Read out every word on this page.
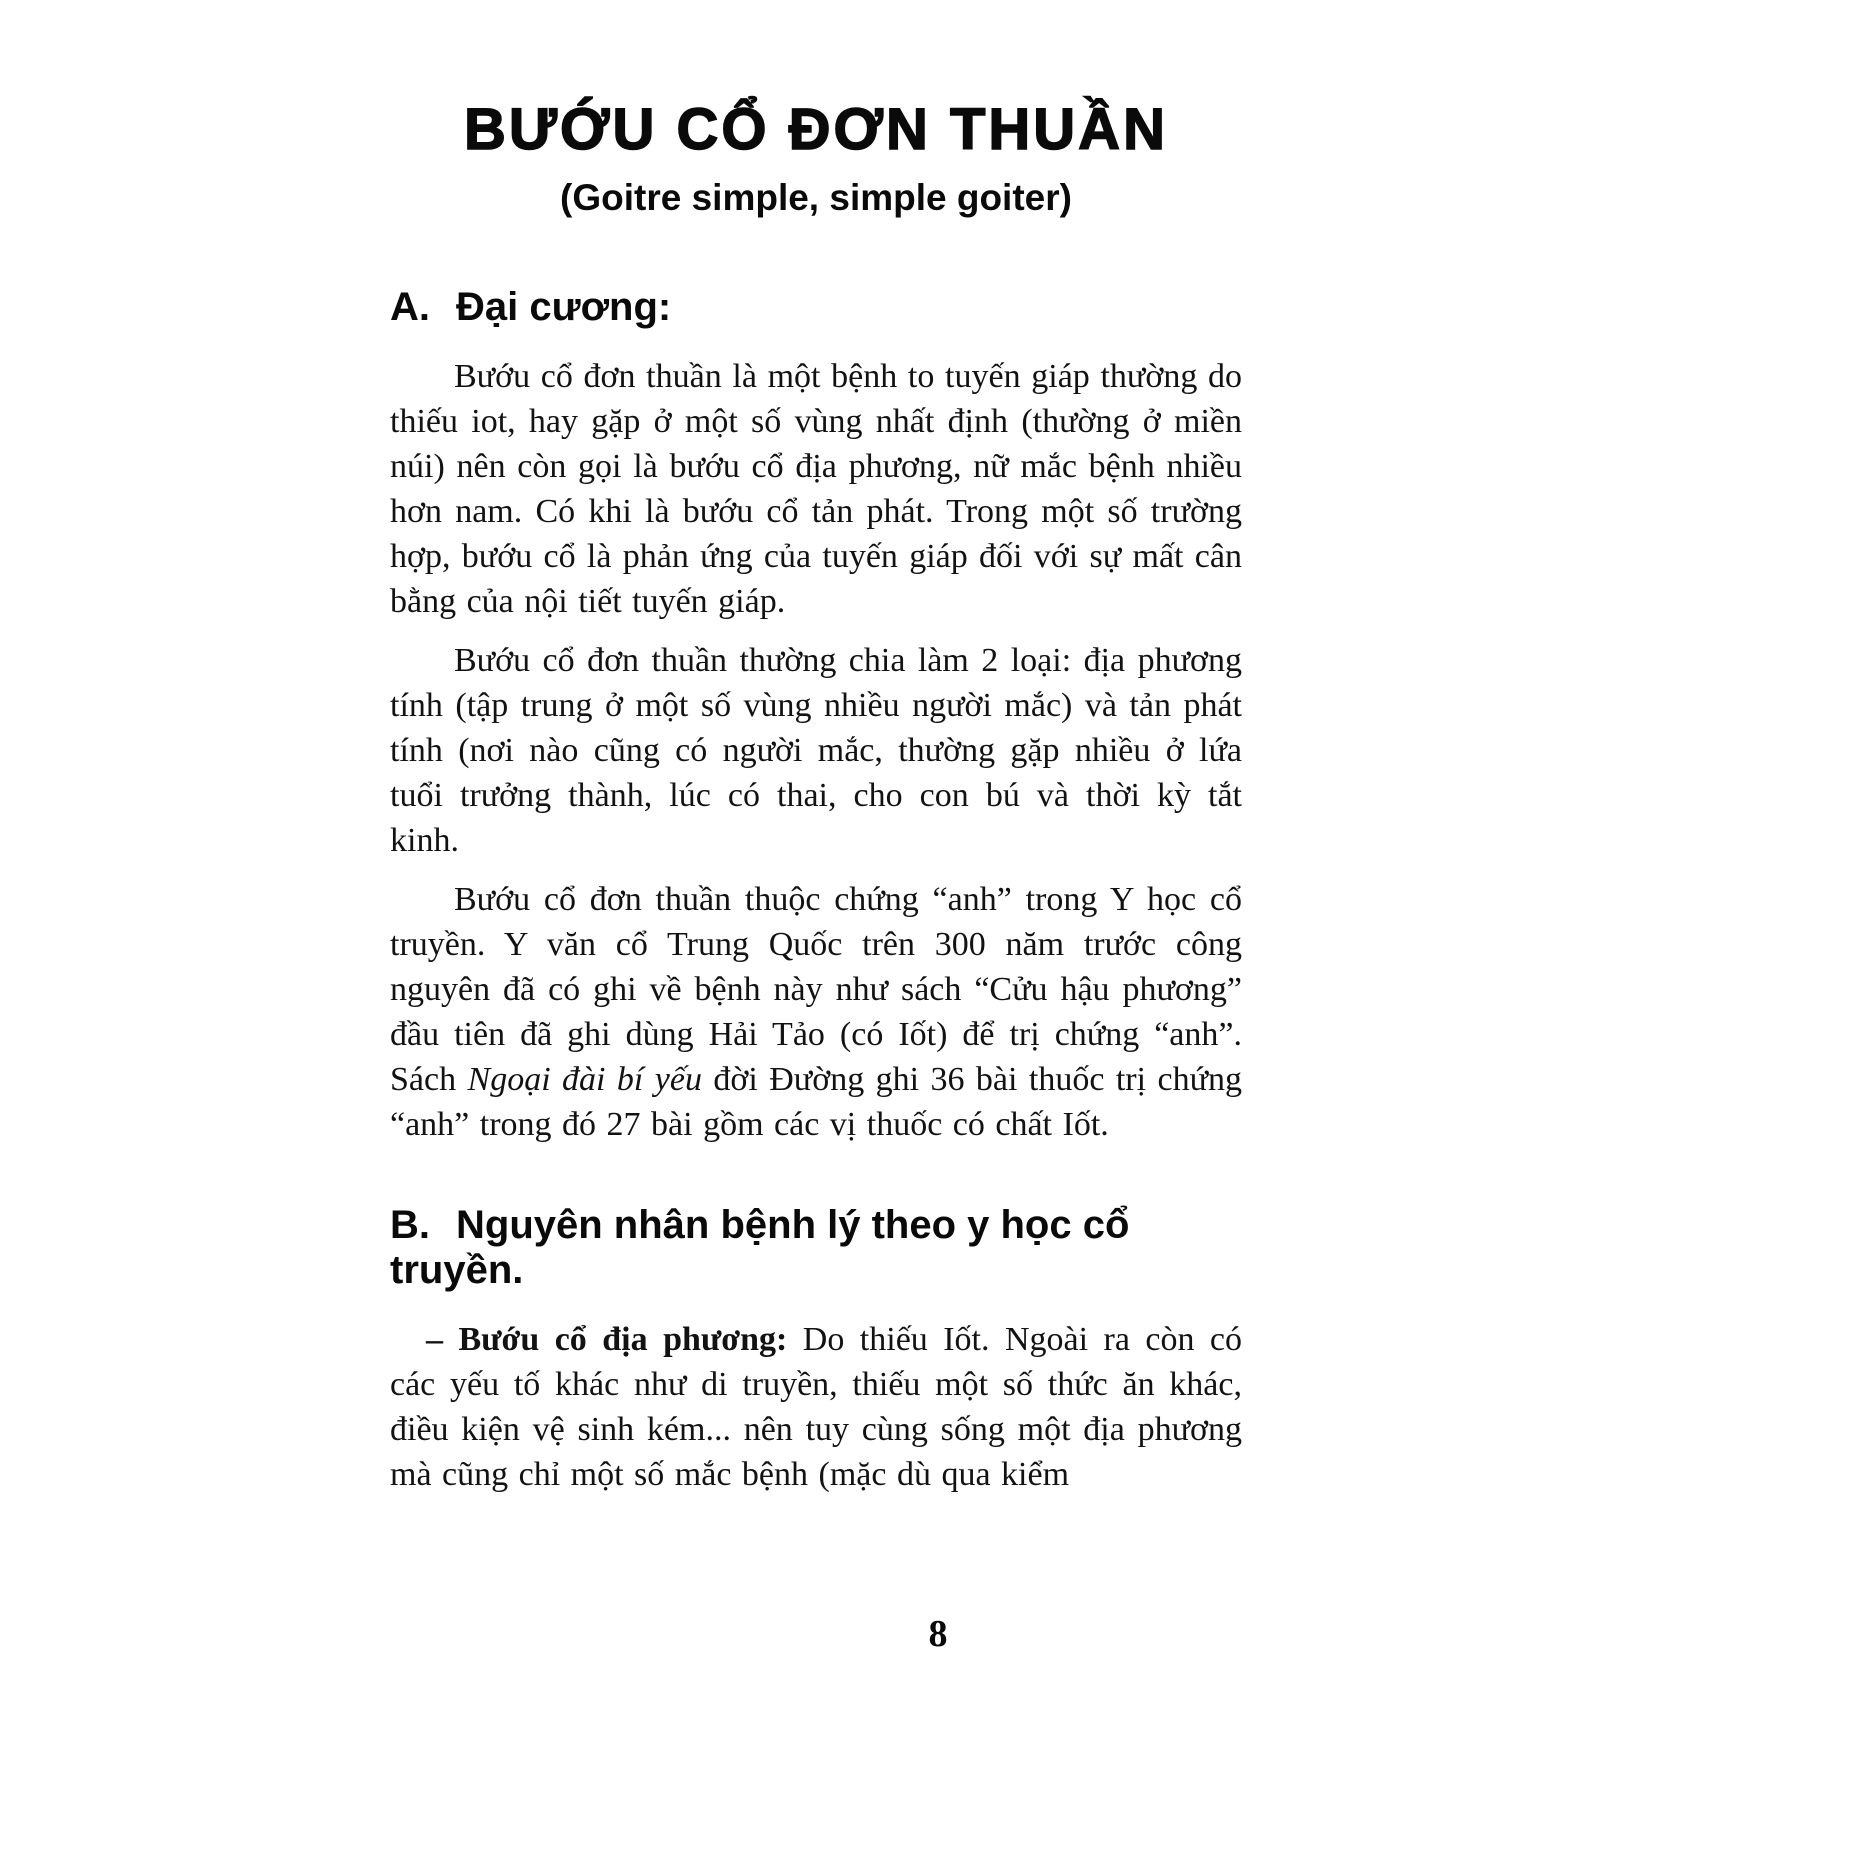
BƯỚU CỔ ĐƠN THUẦN
(Goitre simple, simple goiter)
A. Đại cương:

Bướu cổ đơn thuần là một bệnh to tuyến giáp thường do thiếu iot, hay gặp ở một số vùng nhất định (thường ở miền núi) nên còn gọi là bướu cổ địa phương, nữ mắc bệnh nhiều hơn nam. Có khi là bướu cổ tản phát. Trong một số trường hợp, bướu cổ là phản ứng của tuyến giáp đối với sự mất cân bằng của nội tiết tuyến giáp.

Bướu cổ đơn thuần thường chia làm 2 loại: địa phương tính (tập trung ở một số vùng nhiều người mắc) và tản phát tính (nơi nào cũng có người mắc, thường gặp nhiều ở lứa tuổi trưởng thành, lúc có thai, cho con bú và thời kỳ tắt kinh.

Bướu cổ đơn thuần thuộc chứng “anh” trong Y học cổ truyền. Y văn cổ Trung Quốc trên 300 năm trước công nguyên đã có ghi về bệnh này như sách “Cửu hậu phương” đầu tiên đã ghi dùng Hải Tảo (có Iốt) để trị chứng “anh”. Sách Ngoại đài bí yếu đời Đường ghi 36 bài thuốc trị chứng “anh” trong đó 27 bài gồm các vị thuốc có chất Iốt.

B. Nguyên nhân bệnh lý theo y học cổ truyền.

– Bướu cổ địa phương: Do thiếu Iốt. Ngoài ra còn có các yếu tố khác như di truyền, thiếu một số thức ăn khác, điều kiện vệ sinh kém... nên tuy cùng sống một địa phương mà cũng chỉ một số mắc bệnh (mặc dù qua kiểm

8
